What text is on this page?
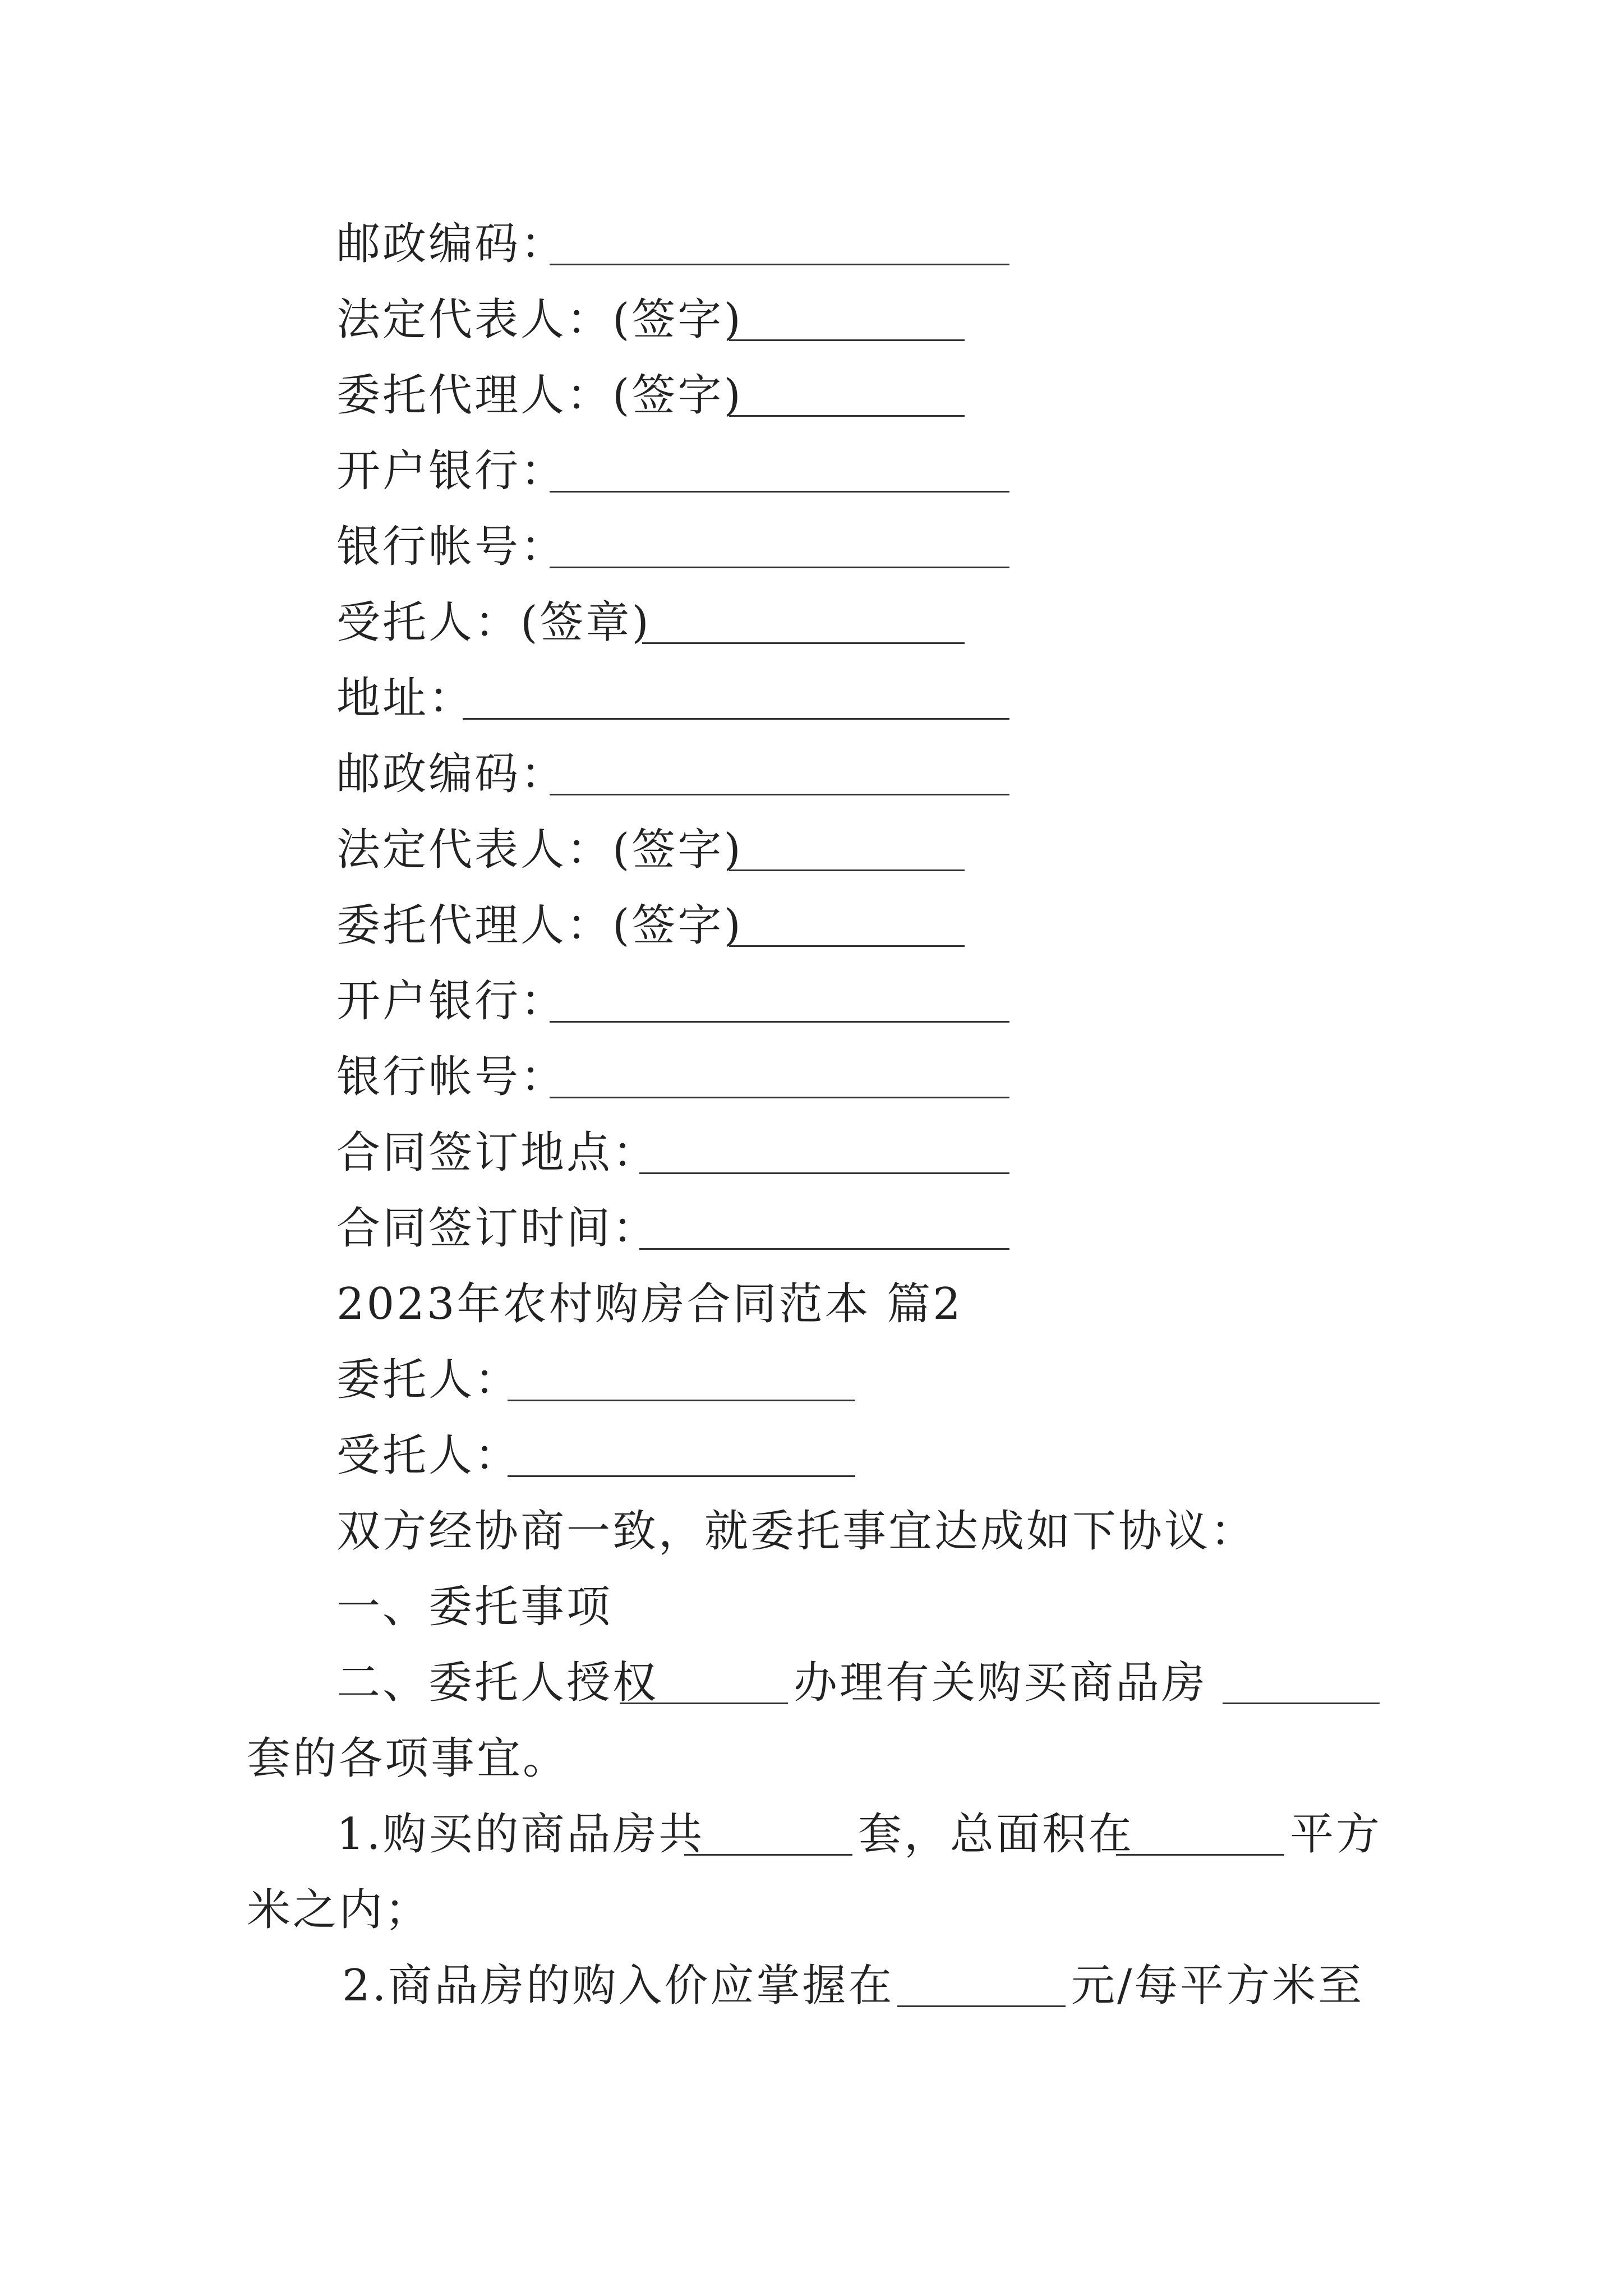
邮政编码：
法定代表人：(签字)
委托代理人：(签字)
开户银行：
银行帐号：
受托人：(签章)
地址：
邮政编码：
法定代表人：(签字)
委托代理人：(签字)
开户银行：
银行帐号：
合同签订地点：
合同签订时间：
2023年农村购房合同范本 篇2
委托人：
受托人：
双方经协商一致，就委托事宜达成如下协议：
一、委托事项
二、委托人授权	办理有关购买商品房
套的各项事宜。
1.购买的商品房共	套，总面积在	平方
米之内；
2.商品房的购入价应掌握在	元/每平方米至
